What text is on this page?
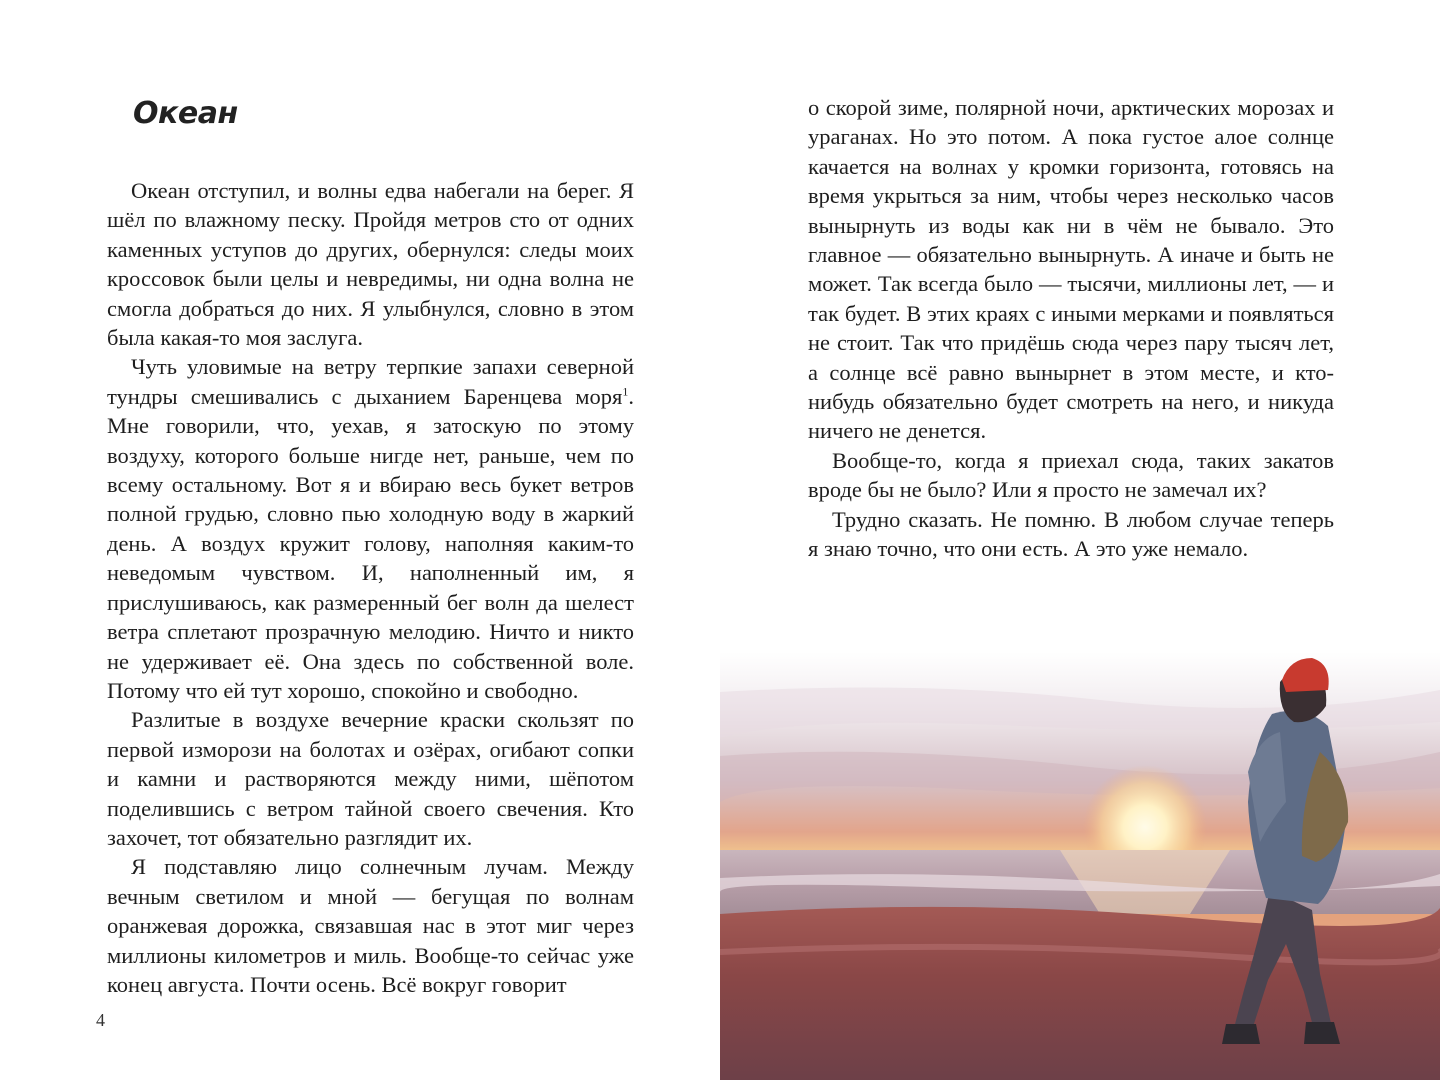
Океан

Океан отступил, и волны едва набегали на берег. Я шёл по влажному песку. Пройдя метров сто от одних каменных уступов до других, обернулся: следы моих кроссовок были целы и невредимы, ни одна волна не смогла добраться до них. Я улыбнулся, словно в этом была какая-то моя заслуга.

Чуть уловимые на ветру терпкие запахи северной тундры смешивались с дыханием Баренцева моря$^1$. Мне говорили, что, уехав, я затоскую по этому воздуху, которого больше нигде нет, раньше, чем по всему остальному. Вот я и вбираю весь букет ветров полной грудью, словно пью холодную воду в жаркий день. А воздух кружит голову, наполняя каким-то неведомым чувством. И, наполненный им, я прислушиваюсь, как размеренный бег волн да шелест ветра сплетают прозрачную мелодию. Ничто и никто не удерживает её. Она здесь по собственной воле. Потому что ей тут хорошо, спокойно и свободно.

Разлитые в воздухе вечерние краски скользят по первой изморози на болотах и озёрах, огибают сопки и камни и растворяются между ними, шёпотом поделившись с ветром тайной своего свечения. Кто захочет, тот обязательно разглядит их.

Я подставляю лицо солнечным лучам. Между вечным светилом и мной — бегущая по волнам оранжевая дорожка, связавшая нас в этот миг через миллионы километров и миль. Вообще-то сейчас уже конец августа. Почти осень. Всё вокруг говорит

4

о скорой зиме, полярной ночи, арктических морозах и ураганах. Но это потом. А пока густое алое солнце качается на волнах у кромки горизонта, готовясь на время укрыться за ним, чтобы через несколько часов вынырнуть из воды как ни в чём не бывало. Это главное — обязательно вынырнуть. А иначе и быть не может. Так всегда было — тысячи, миллионы лет, — и так будет. В этих краях с иными мерками и появляться не стоит. Так что придёшь сюда через пару тысяч лет, а солнце всё равно вынырнет в этом месте, и кто-нибудь обязательно будет смотреть на него, и никуда ничего не денется.

Вообще-то, когда я приехал сюда, таких закатов вроде бы не было? Или я просто не замечал их?

Трудно сказать. Не помню. В любом случае теперь я знаю точно, что они есть. А это уже немало.
